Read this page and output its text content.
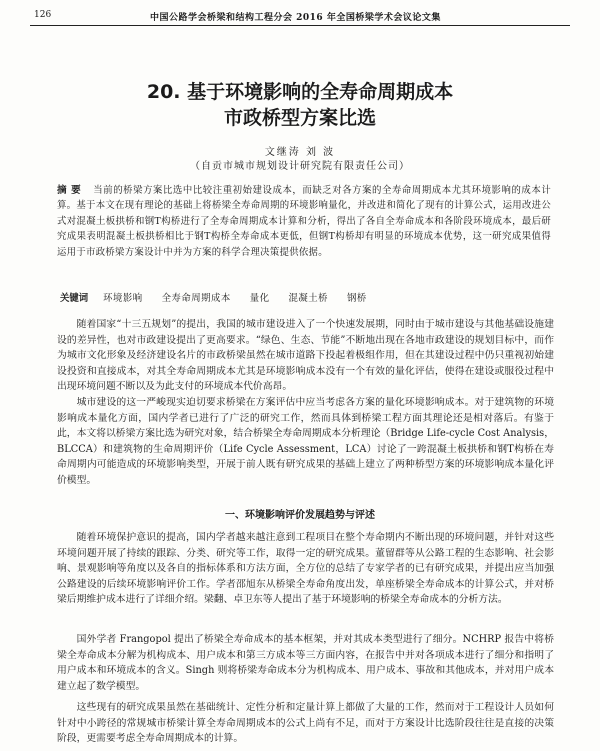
126	中国公路学会桥梁和结构工程分会 2016 年全国桥梁学术会议论文集
20. 基于环境影响的全寿命周期成本
市政桥型方案比选
文继涛 刘 波
（自贡市城市规划设计研究院有限责任公司）
摘 要 当前的桥梁方案比选中比较注重初始建设成本，而缺乏对各方案的全寿命周期成本尤其环境影响的成本计算。基于本文在现有理论的基础上将桥梁全寿命周期的环境影响量化，并改进和简化了现有的计算公式，运用改进公式对混凝土板拱桥和钢T构桥进行了全寿命周期成本计算和分析，得出了各自全寿命成本和各阶段环境成本，最后研究成果表明混凝土板拱桥相比于钢T构桥全寿命成本更低，但钢T构桥却有明显的环境成本优势，这一研究成果值得运用于市政桥梁方案设计中并为方案的科学合理决策提供依据。
关键词 环境影响 全寿命周期成本 量化 混凝土桥 钢桥
随着国家“十三五规划”的提出，我国的城市建设进入了一个快速发展期，同时由于城市建设与其他基础设施建设的差异性，也对市政建设提出了更高要求。“绿色、生态、节能”不断地出现在各地市政建设的规划目标中，而作为城市文化形象及经济建设名片的市政桥梁虽然在城市道路下投起着极组作用，但在其建设过程中仍只重视初始建设投资和直接成本，对其全寿命周期成本尤其是环境影响成本没有一个有效的量化评估，使得在建设或服役过程中出现环境问题不断以及为此支付的环境成本代价高昂。
城市建设的这一严峻现实迫切要求桥梁在方案评估中应当考虑各方案的量化环境影响成本。对于建筑物的环境影响成本量化方面，国内学者已进行了广泛的研究工作，然而具体到桥梁工程方面其理论还是相对落后。有鉴于此，本文将以桥梁方案比选为研究对象，结合桥梁全寿命周期成本分析理论（Bridge Life-cycle Cost Analysis，BLCCA）和建筑物的生命周期评价（Life Cycle Assessment，LCA）讨论了一跨混凝土板拱桥和钢T构桥在寿命周期内可能造成的环境影响类型，开展于前人既有研究成果的基础上建立了两种桥型方案的环境影响成本量化评价模型。
一、环境影响评价发展趋势与评述
随着环境保护意识的提高，国内学者越来越注意到工程项目在整个寿命期内不断出现的环境问题，并针对这些环境问题开展了持续的跟踪、分类、研究等工作，取得一定的研究成果。董留群等从公路工程的生态影响、社会影响、景观影响等角度以及各自的指标体系和方法方面，全方位的总结了专家学者的已有研究成果，并提出应当加强公路建设的后续环境影响评价工作。学者邵旭东从桥梁全寿命角度出发，单座桥梁全寿命成本的计算公式，并对桥梁后期维护成本进行了详细介绍。梁翻、卓卫东等人提出了基于环境影响的桥梁全寿命成本的分析方法。
国外学者 Frangopol 提出了桥梁全寿命成本的基本框架，并对其成本类型进行了细分。NCHRP 报告中将桥梁全寿命成本分解为机构成本、用户成本和第三方成本等三方面内容，在报告中并对各项成本进行了细分和指明了用户成本和环境成本的含义。Singh 则将桥梁寿命成本分为机构成本、用户成本、事故和其他成本，并对用户成本建立起了数学模型。
这些现有的研究成果虽然在基础统计、定性分析和定量计算上都做了大量的工作，然而对于工程设计人员如何针对中小跨径的常规城市桥梁计算全寿命周期成本的公式上尚有不足，而对于方案设计比选阶段往往是直接的决策阶段，更需要考虑全寿命周期成本的计算。
